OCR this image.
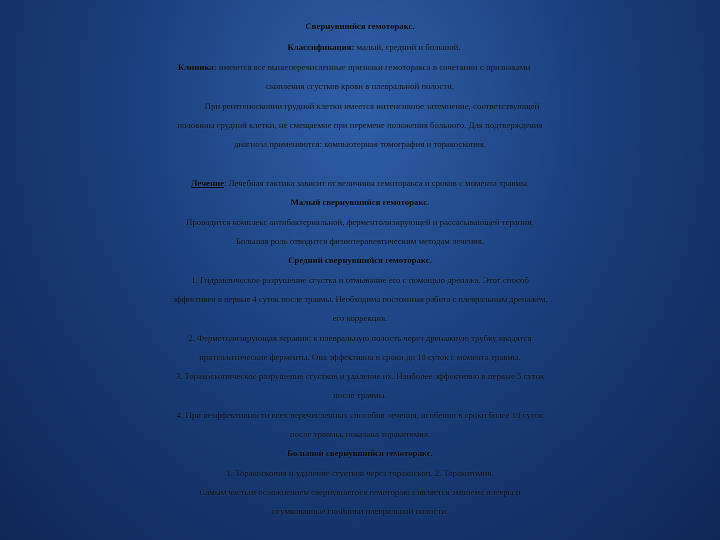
Свернувшийся гемоторакс.
Классификация: малый, средний и большой.
Клиника: имеются все вышеперечисленные признаки гемоторакса в сочетании с признаками
скопления сгустков крови в плевральной полости.
При рентгеноскопии грудной клетки имеется интенсивное затемнение, соответствующей
половины грудной клетки, не смещаемое при перемене положения больного. Для подтверждения
диагноза применяются: компьютерная томография и торакоскопия.
Лечение: Лечебная тактика зависит от величины гемоторакса и сроков с момента травмы.
Малый свернувшийся гемоторакс.
Проводится комплекс антибактериальной, ферментолизирующей и рассасывающей терапии.
Большая роль отводится физиотерапевтическим методам лечения.
Средний свернувшийся гемоторакс.
1. Гидравлическое разрушение сгустка и отмывание его с помощью дренажа. Этот способ
эффективен в первые 4 суток после травмы. Необходима постоянная работа с плевральным дренажём,
его коррекция.
2. Ферметолизирующая терапия: в плевральную полость через дренажную трубку вводятся
протеолитические ферменты. Она эффективна в сроки до 10 суток с момента травмы.
3. Торакоскопическое разрушение сгустков и удаление их. Наиболее эффективно в первые 5 суток
после травмы.
4. При неэффективности всех перечисленных способов лечения, особенно в сроки более 10 суток
после травмы, показана торакотомия.
Большой свернувшийся гемоторакс.
1. Торакоскопия и удаление сгустков через торакоскоп. 2. Торакотомия.
Самым частым осложнением свернувшегося гемоторакса является эмпиема плевры и
осумкованные гнойники плевральной полости.
